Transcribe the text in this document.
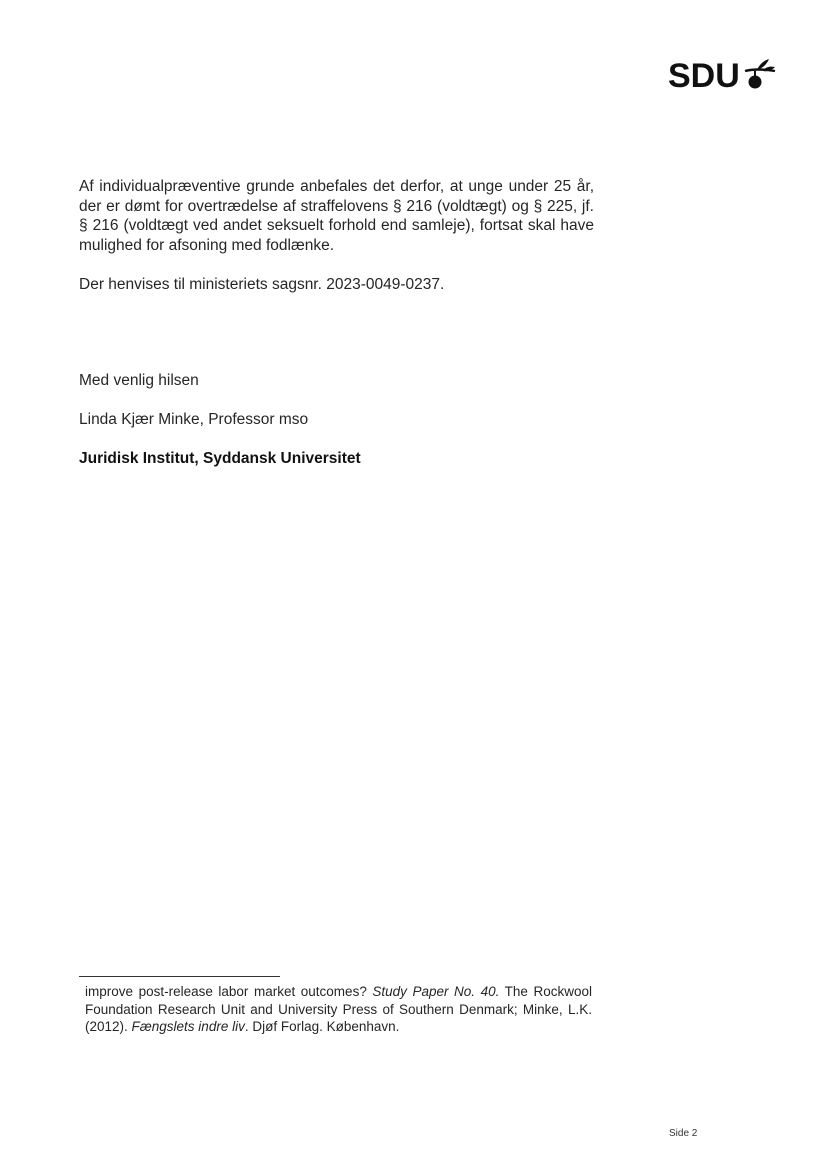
SDU

Af individualpræventive grunde anbefales det derfor, at unge under 25 år, der er dømt for overtrædelse af straffelovens § 216 (voldtægt) og § 225, jf. § 216 (voldtægt ved andet seksuelt forhold end samleje), fortsat skal have mulighed for afsoning med fodlænke.

Der henvises til ministeriets sagsnr. 2023-0049-0237.

Med venlig hilsen
Linda Kjær Minke, Professor mso
Juridisk Institut, Syddansk Universitet
improve post-release labor market outcomes? Study Paper No. 40. The Rockwool Foundation Research Unit and University Press of Southern Denmark; Minke, L.K. (2012). Fængslets indre liv. Djøf Forlag. København.
Side 2
